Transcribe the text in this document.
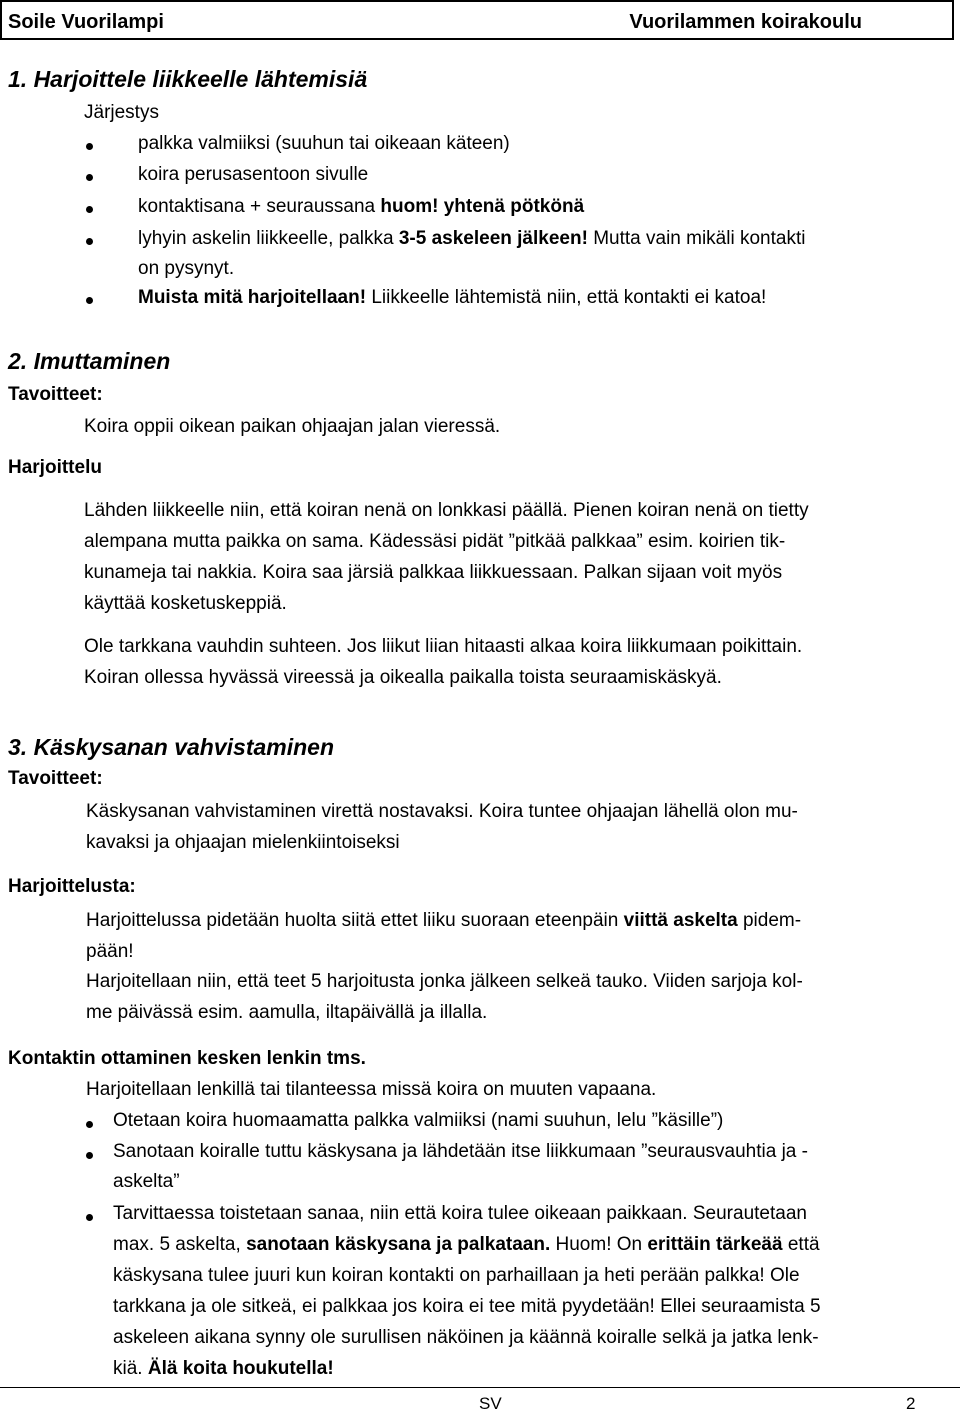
Soile Vuorilampi	Vuorilammen koirakoulu
1. Harjoittele liikkeelle lähtemisiä
Järjestys
palkka valmiiksi (suuhun tai oikeaan käteen)
koira perusasentoon sivulle
kontaktisana + seuraussana huom! yhtenä pötkönä
lyhyin askelin liikkeelle, palkka 3-5 askeleen jälkeen! Mutta vain mikäli kontakti
on pysynyt.
Muista mitä harjoitellaan! Liikkeelle lähtemistä niin, että kontakti ei katoa!
2. Imuttaminen
Tavoitteet:
Koira oppii oikean paikan ohjaajan jalan vieressä.
Harjoittelu
Lähden liikkeelle niin, että koiran nenä on lonkkasi päällä. Pienen koiran nenä on tietty
alempana mutta paikka on sama. Kädessäsi pidät ”pitkää palkkaa” esim. koirien tik-
kunameja tai nakkia. Koira saa järsiä palkkaa liikkuessaan. Palkan sijaan voit myös
käyttää kosketuskeppiä.
Ole tarkkana vauhdin suhteen. Jos liikut liian hitaasti alkaa koira liikkumaan poikittain.
Koiran ollessa hyvässä vireessä ja oikealla paikalla toista seuraamiskäskyä.
3. Käskysanan vahvistaminen
Tavoitteet:
Käskysanan vahvistaminen virettä nostavaksi. Koira tuntee ohjaajan lähellä olon mu-
kavaksi ja ohjaajan mielenkiintoiseksi
Harjoittelusta:
Harjoittelussa pidetään huolta siitä ettet liiku suoraan eteenpäin viittä askelta pidem-
pään!
Harjoitellaan niin, että teet 5 harjoitusta jonka jälkeen selkeä tauko. Viiden sarjoja kol-
me päivässä esim. aamulla, iltapäivällä ja illalla.
Kontaktin ottaminen kesken lenkin tms.
Harjoitellaan lenkillä tai tilanteessa missä koira on muuten vapaana.
Otetaan koira huomaamatta palkka valmiiksi (nami suuhun, lelu ”käsille”)
Sanotaan koiralle tuttu käskysana ja lähdetään itse liikkumaan ”seurausvauhtia ja -
askelta”
Tarvittaessa toistetaan sanaa, niin että koira tulee oikeaan paikkaan. Seurautetaan
max. 5 askelta, sanotaan käskysana ja palkataan. Huom! On erittäin tärkeää että
käskysana tulee juuri kun koiran kontakti on parhaillaan ja heti perään palkka! Ole
tarkkana ja ole sitkeä, ei palkkaa jos koira ei tee mitä pyydetään! Ellei seuraamista 5
askeleen aikana synny ole surullisen näköinen ja käännä koiralle selkä ja jatka lenk-
kiä. Älä koita houkutella!
SV	2
